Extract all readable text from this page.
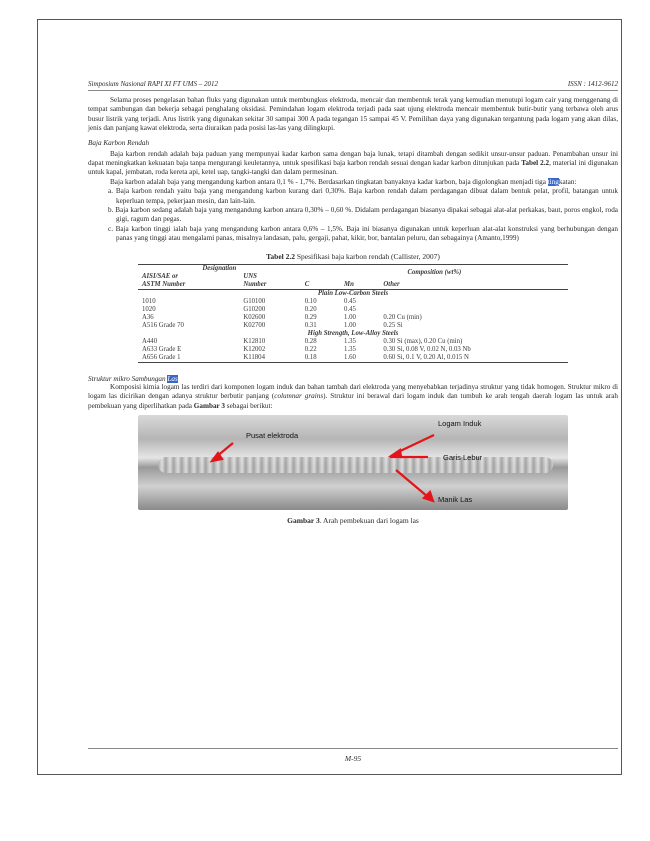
Simposium Nasional RAPI XI FT UMS – 2012	ISSN : 1412-9612

Selama proses pengelasan bahan fluks yang digunakan untuk membungkus elektroda, mencair dan membentuk terak yang kemudian menutupi logam cair yang menggenang di tempat sambungan dan bekerja sebagai penghalang oksidasi. Pemindahan logam elektroda terjadi pada saat ujung elektroda mencair membentuk butir-butir yang terbawa oleh arus busur listrik yang terjadi. Arus listrik yang digunakan sekitar 30 sampai 300 A pada tegangan 15 sampai 45 V. Pemilihan daya yang digunakan tergantung pada logam yang akan dilas, jenis dan panjang kawat elektroda, serta diuraikan pada posisi las-las yang dilingkupi.

Baja Karbon Rendah

Baja karbon rendah adalah baja paduan yang mempunyai kadar karbon sama dengan baja lunak, tetapi ditambah dengan sedikit unsur-unsur paduan. Penambahan unsur ini dapat meningkatkan kekuatan baja tanpa mengurangi keuletannya, untuk spesifikasi baja karbon rendah sesuai dengan kadar karbon ditunjukan pada Tabel 2.2, material ini digunakan untuk kapal, jembatan, roda kereta api, ketel uap, tangki-tangki dan dalam permesinan.

Baja karbon adalah baja yang mengandung karbon antara 0,1 % - 1,7%. Berdasarkan tingkatan banyaknya kadar karbon, baja digolongkan menjadi tiga tingkatan:

a. Baja karbon rendah yaitu baja yang mengandung karbon kurang dari 0,30%. Baja karbon rendah dalam perdagangan dibuat dalam bentuk pelat, profil, batangan untuk keperluan tempa, pekerjaan mesin, dan lain-lain.
b. Baja karbon sedang adalah baja yang mengandung karbon antara 0,30% – 0,60 %. Didalam perdagangan biasanya dipakai sebagai alat-alat perkakas, baut, poros engkol, roda gigi, ragum dan pegas.
c. Baja karbon tinggi ialah baja yang mengandung karbon antara 0,6% – 1,5%. Baja ini biasanya digunakan untuk keperluan alat-alat konstruksi yang berhubungan dengan panas yang tinggi atau mengalami panas, misalnya landasan, palu, gergaji, pahat, kikir, bor, bantalan peluru, dan sebagainya (Amanto,1999)
Tabel 2.2 Spesifikasi baja karbon rendah (Callister, 2007)
Designation		Composition (wt%)		
AISI/SAE or	UNS			
ASTM Number	Number	C	Mn	Other
Plain Low-Carbon Steels				
1010	G10100	0.10	0.45	
1020	G10200	0.20	0.45	
A36	K02600	0.29	1.00	0.20 Cu (min)
A516 Grade 70	K02700	0.31	1.00	0.25 Si
High Strength, Low-Alloy Steels				
A440	K12810	0.28	1.35	0.30 Si (max), 0.20 Cu (min)
A633 Grade E	K12002	0.22	1.35	0.30 Si, 0.08 V, 0.02 N, 0.03 Nb
A656 Grade 1	K11804	0.18	1.60	0.60 Si, 0.1 V, 0.20 Al, 0.015 N

Struktur mikro Sambungan Las

Komposisi kimia logam las terdiri dari komponen logam induk dan bahan tambah dari elektroda yang menyebabkan terjadinya struktur yang tidak homogen. Struktur mikro di logam las dicirikan dengan adanya struktur berbutir panjang (columnar grains). Struktur ini berawal dari logam induk dan tumbuh ke arah tengah daerah logam las untuk arah pembekuan yang diperlihatkan pada Gambar 3 sebagai berikut:

Pusat elektroda
Logam Induk
Garis Lebur
Manik Las
Gambar 3. Arah pembekuan dari logam las
M-95
